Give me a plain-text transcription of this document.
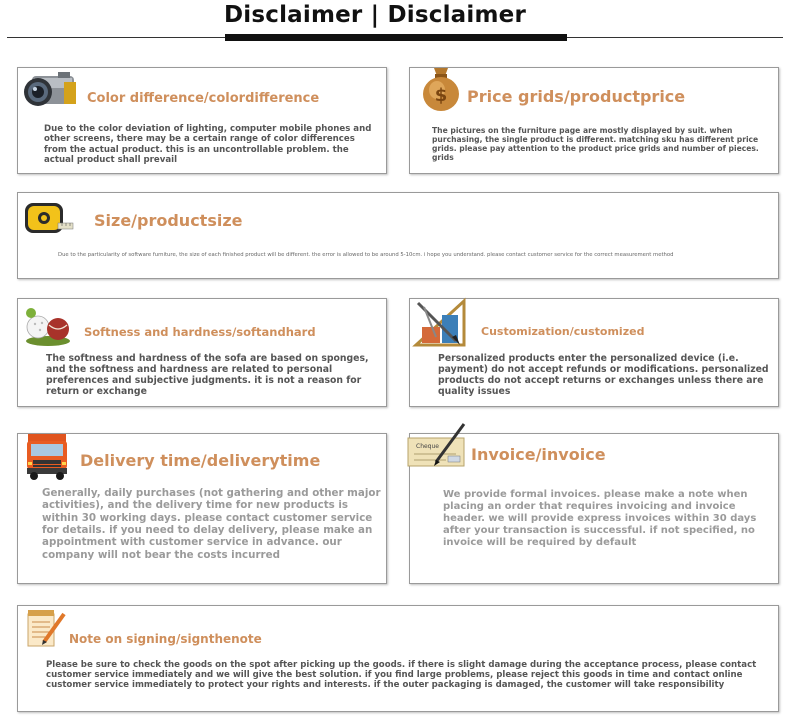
Disclaimer | Disclaimer
Color difference/colordifference
Due to the color deviation of lighting, computer mobile phones and other screens, there may be a certain range of color differences from the actual product. this is an uncontrollable problem. the actual product shall prevail
$ Price grids/productprice
The pictures on the furniture page are mostly displayed by suit. when purchasing, the single product is different. matching sku has different price grids. please pay attention to the product price grids and number of pieces. grids
Size/productsize
Due to the particularity of software furniture, the size of each finished product will be different. the error is allowed to be around 5-10cm. i hope you understand. please contact customer service for the correct measurement method
Softness and hardness/softandhard
The softness and hardness of the sofa are based on sponges, and the softness and hardness are related to personal preferences and subjective judgments. it is not a reason for return or exchange
Customization/customized
Personalized products enter the personalized device (i.e. payment) do not accept refunds or modifications. personalized products do not accept returns or exchanges unless there are quality issues
Delivery time/deliverytime
Generally, daily purchases (not gathering and other major activities), and the delivery time for new products is within 30 working days. please contact customer service for details. if you need to delay delivery, please make an appointment with customer service in advance. our company will not bear the costs incurred
Cheque Invoice/invoice
We provide formal invoices. please make a note when placing an order that requires invoicing and invoice header. we will provide express invoices within 30 days after your transaction is successful. if not specified, no invoice will be required by default
Note on signing/signthenote
Please be sure to check the goods on the spot after picking up the goods. if there is slight damage during the acceptance process, please contact customer service immediately and we will give the best solution. if you find large problems, please reject this goods in time and contact online customer service immediately to protect your rights and interests. if the outer packaging is damaged, the customer will take responsibility
